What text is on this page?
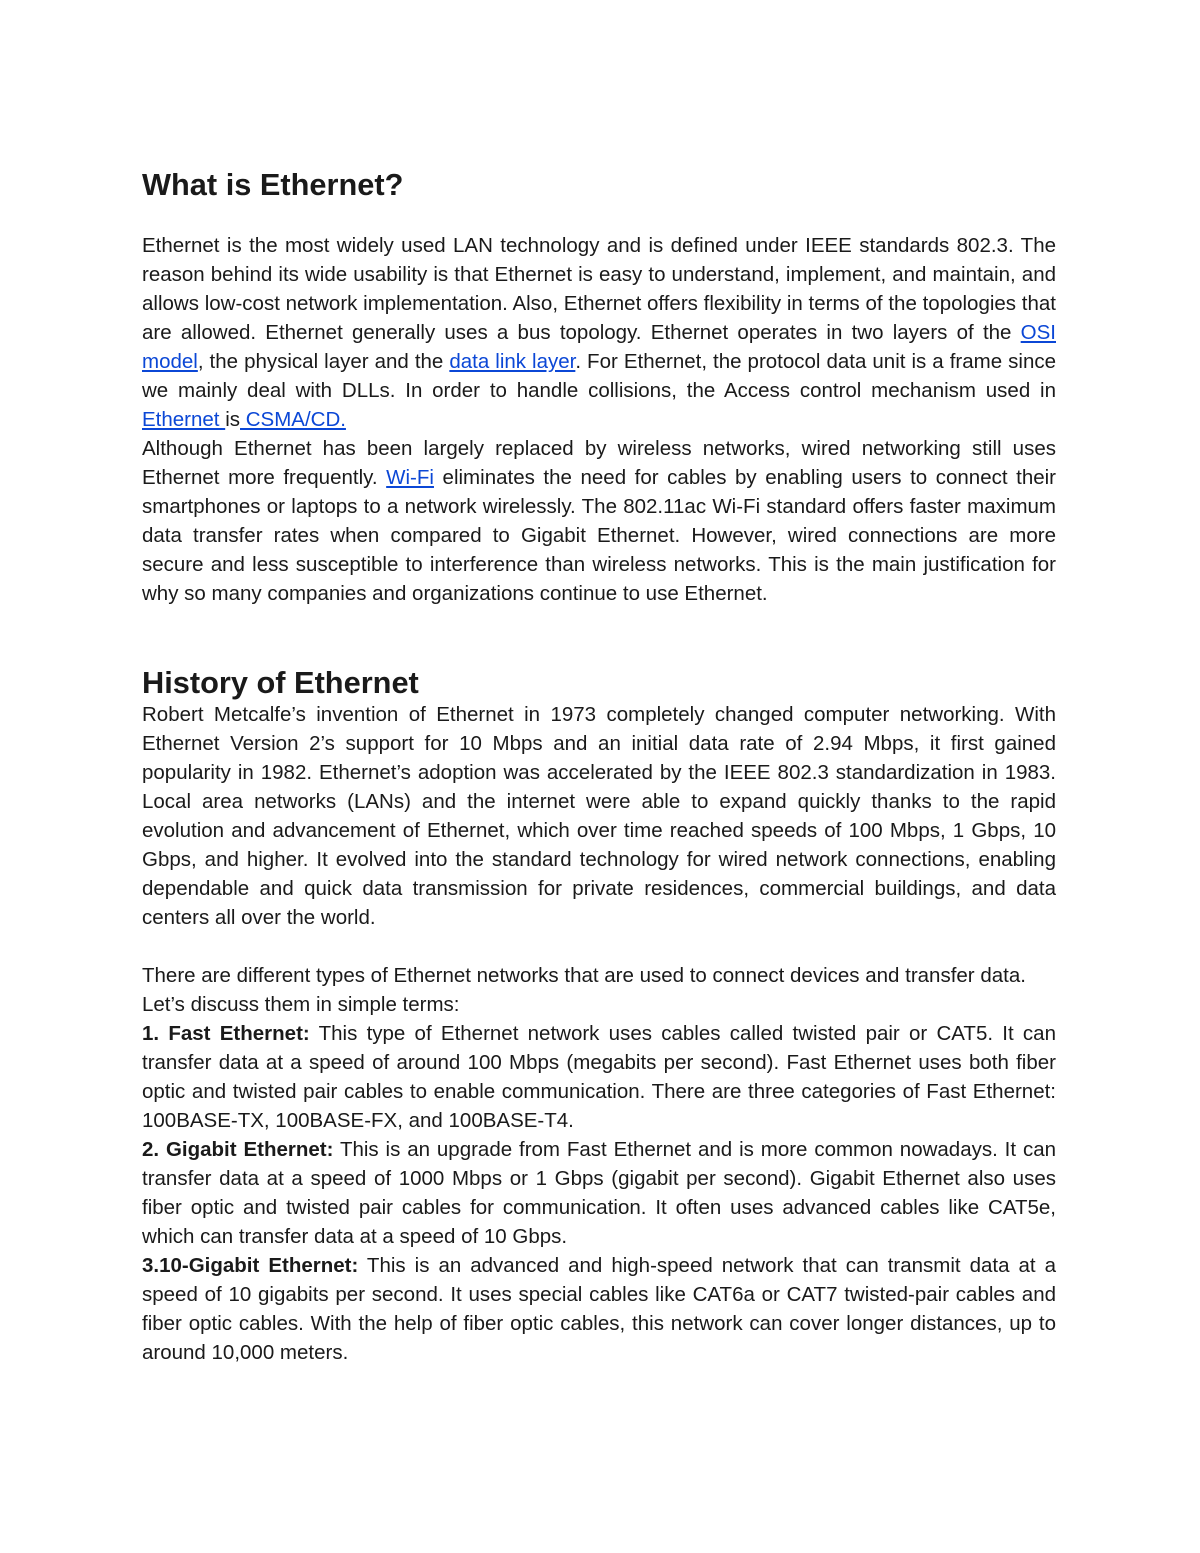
What is Ethernet?

Ethernet is the most widely used LAN technology and is defined under IEEE standards 802.3. The reason behind its wide usability is that Ethernet is easy to understand, implement, and maintain, and allows low-cost network implementation. Also, Ethernet offers flexibility in terms of the topologies that are allowed. Ethernet generally uses a bus topology. Ethernet operates in two layers of the OSI model, the physical layer and the data link layer. For Ethernet, the protocol data unit is a frame since we mainly deal with DLLs. In order to handle collisions, the Access control mechanism used in Ethernet is CSMA/CD.

Although Ethernet has been largely replaced by wireless networks, wired networking still uses Ethernet more frequently. Wi-Fi eliminates the need for cables by enabling users to connect their smartphones or laptops to a network wirelessly. The 802.11ac Wi-Fi standard offers faster maximum data transfer rates when compared to Gigabit Ethernet. However, wired connections are more secure and less susceptible to interference than wireless networks. This is the main justification for why so many companies and organizations continue to use Ethernet.

History of Ethernet

Robert Metcalfe’s invention of Ethernet in 1973 completely changed computer networking. With Ethernet Version 2’s support for 10 Mbps and an initial data rate of 2.94 Mbps, it first gained popularity in 1982. Ethernet’s adoption was accelerated by the IEEE 802.3 standardization in 1983. Local area networks (LANs) and the internet were able to expand quickly thanks to the rapid evolution and advancement of Ethernet, which over time reached speeds of 100 Mbps, 1 Gbps, 10 Gbps, and higher. It evolved into the standard technology for wired network connections, enabling dependable and quick data transmission for private residences, commercial buildings, and data centers all over the world.

There are different types of Ethernet networks that are used to connect devices and transfer data.

Let’s discuss them in simple terms:

1. Fast Ethernet: This type of Ethernet network uses cables called twisted pair or CAT5. It can transfer data at a speed of around 100 Mbps (megabits per second). Fast Ethernet uses both fiber optic and twisted pair cables to enable communication. There are three categories of Fast Ethernet: 100BASE-TX, 100BASE-FX, and 100BASE-T4.

2. Gigabit Ethernet: This is an upgrade from Fast Ethernet and is more common nowadays. It can transfer data at a speed of 1000 Mbps or 1 Gbps (gigabit per second). Gigabit Ethernet also uses fiber optic and twisted pair cables for communication. It often uses advanced cables like CAT5e, which can transfer data at a speed of 10 Gbps.

3.10-Gigabit Ethernet: This is an advanced and high-speed network that can transmit data at a speed of 10 gigabits per second. It uses special cables like CAT6a or CAT7 twisted-pair cables and fiber optic cables. With the help of fiber optic cables, this network can cover longer distances, up to around 10,000 meters.
